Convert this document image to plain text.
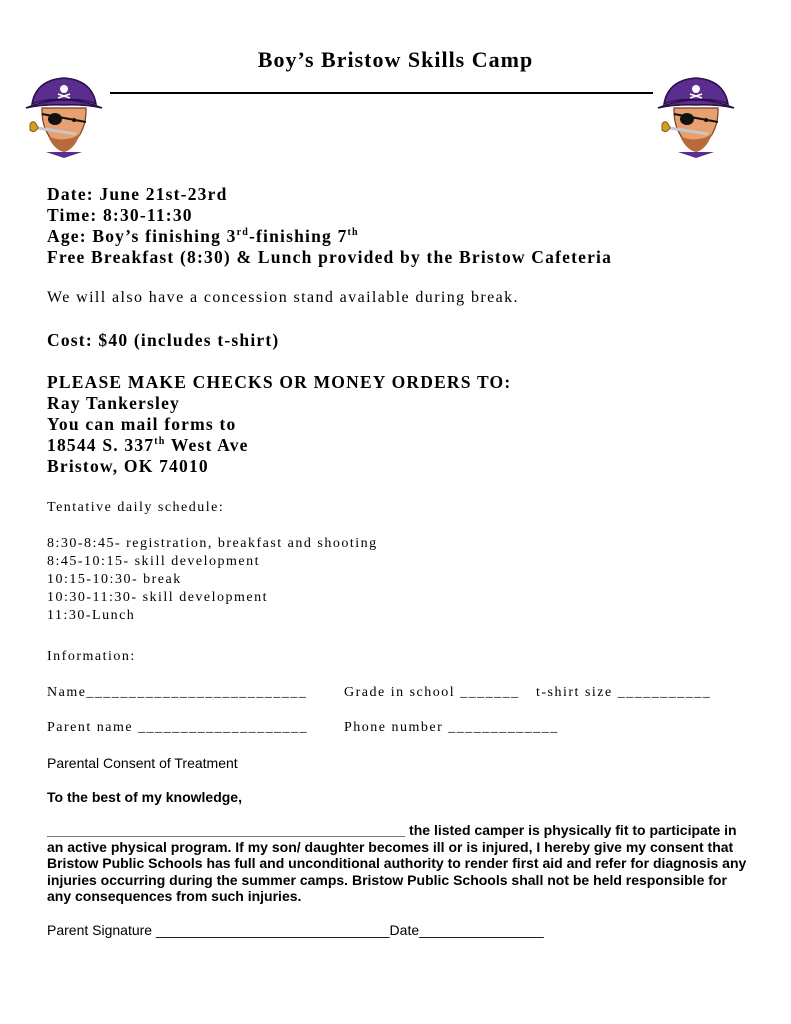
Boy’s Bristow Skills Camp
Date: June 21st-23rd
Time: 8:30-11:30
Age: Boy’s finishing 3rd-finishing 7th
Free Breakfast (8:30) & Lunch provided by the Bristow Cafeteria
We will also have a concession stand available during break.
Cost: $40 (includes t-shirt)
PLEASE MAKE CHECKS OR MONEY ORDERS TO:
Ray Tankersley
You can mail forms to
18544 S. 337th West Ave
Bristow, OK 74010
Tentative daily schedule:
8:30-8:45- registration, breakfast and shooting
8:45-10:15- skill development
10:15-10:30- break
10:30-11:30- skill development
11:30-Lunch
Information:
Name__________________________	Grade in school _______ t-shirt size ___________
Parent name ____________________	Phone number _____________
Parental Consent of Treatment
To the best of my knowledge,
______________________________________________ the listed camper is physically fit to participate in an active physical program. If my son/ daughter becomes ill or is injured, I hereby give my consent that Bristow Public Schools has full and unconditional authority to render first aid and refer for diagnosis any injuries occurring during the summer camps. Bristow Public Schools shall not be held responsible for any consequences from such injuries.
Parent Signature ______________________________Date________________
